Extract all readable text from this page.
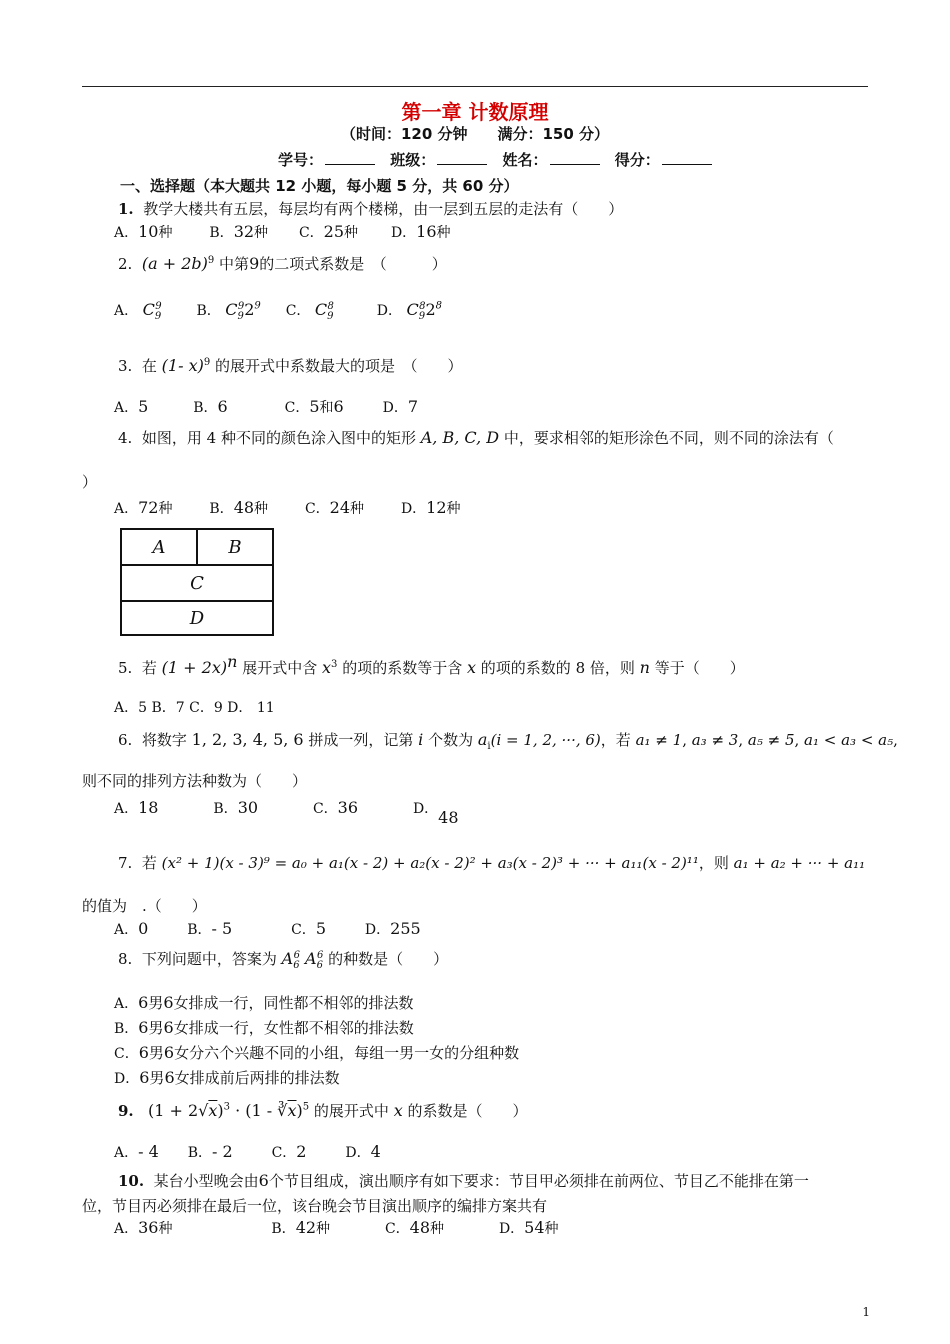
第一章 计数原理
（时间：120 分钟　　满分：150 分）
学号：	班级：	姓名：	得分：
一、选择题（本大题共 12 小题，每小题 5 分，共 60 分）
1. 教学大楼共有五层，每层均有两个楼梯，由一层到五层的走法有（　　）
A．10种	B．32种 C．25种 D．16种
2. $(a + 2b)^9$ 中第9的二项式系数是　（　　　）
A． $C_9^9$ B． $C_9^92^9$ C． $C_9^8$	D． $C_9^82^8$
3. 在 (1- x)$^9$ 的展开式中系数最大的项是　（　　）
A．5	B．6	C．5和6	D．7
4. 如图，用 4 种不同的颜色涂入图中的矩形 A, B, C, D 中，要求相邻的矩形涂色不同，则不同的涂法有（
）
A．72种	B．48种	C．24种	D．12种
A	B
C
D
5. 若 $(1 + 2x)^n$ 展开式中含 $x^3$ 的项的系数等于含 x 的项的系数的 8 倍，则 n 等于（　　）
A．5 B．7 C．9 D． 11
6. 将数字 1, 2, 3, 4, 5, 6 拼成一列，记第 i 个数为 $a_i(i = 1$, 2, ···, 6)，若 a₁ ≠ 1, a₃ ≠ 3, a₅ ≠ 5, a₁ < a₃ < a₅,
则不同的排列方法种数为（　　）
A．18	B．30	C．36	D．48
7. 若 (x² + 1)(x - 3)⁹ = a₀ + a₁(x - 2) + a₂(x - 2)² + a₃(x - 2)³ + ··· + a₁₁(x - 2)¹¹，则 a₁ + a₂ + ··· + a₁₁
的值为　.（　　）
A．0	B．- 5	C．5	D．255
8. 下列问题中，答案为 $A_6^6$ $A_6^6$ 的种数是（　　）
A．6男6女排成一行，同性都不相邻的排法数
B．6男6女排成一行，女性都不相邻的排法数
C．6男6女分六个兴趣不同的小组，每组一男一女的分组种数
D．6男6女排成前后两排的排法数
9. $(1 + 2√x)^3 \cdot (1$ - $∛\overline{x})^5$ 的展开式中 x 的系数是（　　）
A．- 4 B．- 2	C．2	D．4
10. 某台小型晚会由6个节目组成，演出顺序有如下要求：节目甲必须排在前两位、节目乙不能排在第一
位，节目丙必须排在最后一位，该台晚会节目演出顺序的编排方案共有
A．36种	B．42种	C．48种	D．54种
1
